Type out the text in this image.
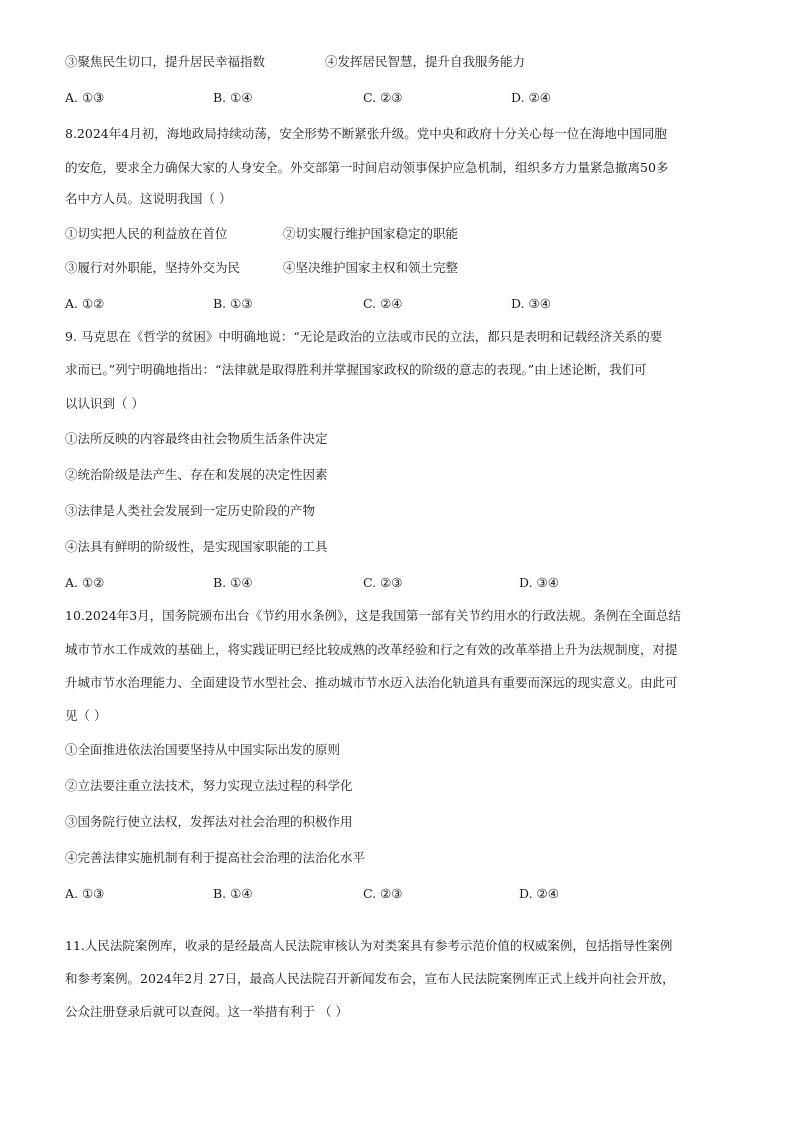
③聚焦民生切口，提升居民幸福指数	④发挥居民智慧，提升自我服务能力
A. ①③	B. ①④	C. ②③	D. ②④
8.2024年4月初，海地政局持续动荡，安全形势不断紧张升级。党中央和政府十分关心每一位在海地中国同胞
的安危，要求全力确保大家的人身安全。外交部第一时间启动领事保护应急机制，组织多方力量紧急撤离50多
名中方人员。这说明我国（ ）
①切实把人民的利益放在首位	②切实履行维护国家稳定的职能
③履行对外职能，坚持外交为民	④坚决维护国家主权和领土完整
A. ①②	B. ①③	C. ②④	D. ③④
9. 马克思在《哲学的贫困》中明确地说：“无论是政治的立法或市民的立法，都只是表明和记载经济关系的要
求而已。”列宁明确地指出：“法律就是取得胜利并掌握国家政权的阶级的意志的表现。”由上述论断，我们可
以认识到（ ）
①法所反映的内容最终由社会物质生活条件决定
②统治阶级是法产生、存在和发展的决定性因素
③法律是人类社会发展到一定历史阶段的产物
④法具有鲜明的阶级性，是实现国家职能的工具
A. ①②	B. ①④	C. ②③	D. ③④
10.2024年3月，国务院颁布出台《节约用水条例》，这是我国第一部有关节约用水的行政法规。条例在全面总结
城市节水工作成效的基础上，将实践证明已经比较成熟的改革经验和行之有效的改革举措上升为法规制度，对提
升城市节水治理能力、全面建设节水型社会、推动城市节水迈入法治化轨道具有重要而深远的现实意义。由此可
见（ ）
①全面推进依法治国要坚持从中国实际出发的原则
②立法要注重立法技术，努力实现立法过程的科学化
③国务院行使立法权，发挥法对社会治理的积极作用
④完善法律实施机制有利于提高社会治理的法治化水平
A. ①③	B. ①④	C. ②③	D. ②④
11.人民法院案例库，收录的是经最高人民法院审核认为对类案具有参考示范价值的权威案例，包括指导性案例
和参考案例。2024年2月 27日，最高人民法院召开新闻发布会，宣布人民法院案例库正式上线并向社会开放，
公众注册登录后就可以查阅。这一举措有利于 （ ）
